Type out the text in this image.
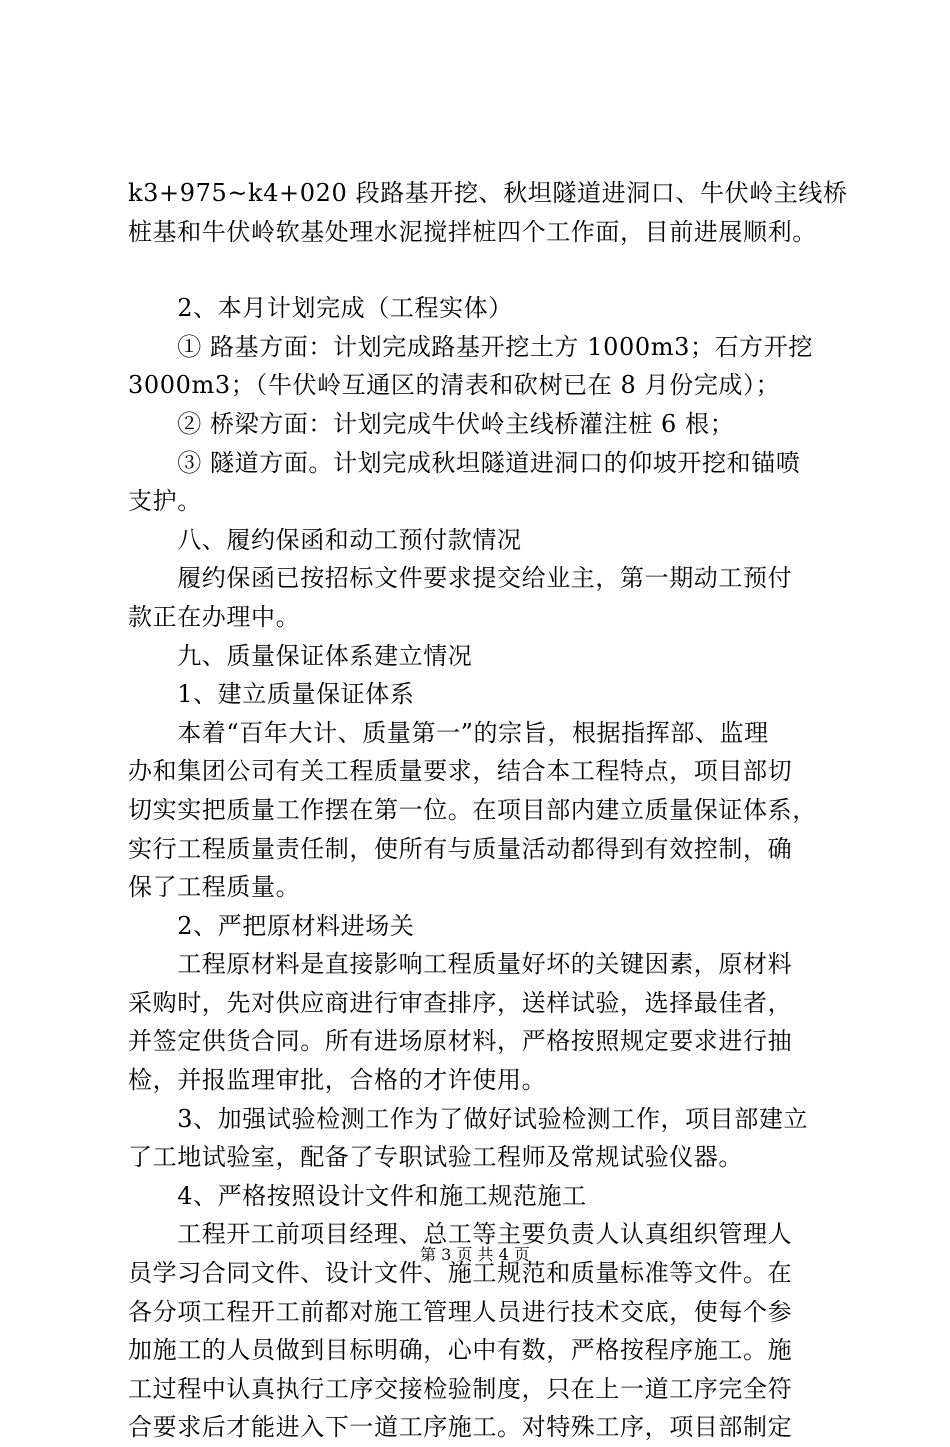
k3+975~k4+020 段路基开挖、秋坦隧道进洞口、牛伏岭主线桥
桩基和牛伏岭软基处理水泥搅拌桩四个工作面，目前进展顺利。
　　2、本月计划完成（工程实体）
　　① 路基方面：计划完成路基开挖土方 1000m3；石方开挖
3000m3；（牛伏岭互通区的清表和砍树已在 8 月份完成）；
　　② 桥梁方面：计划完成牛伏岭主线桥灌注桩 6 根；
　　③ 隧道方面。计划完成秋坦隧道进洞口的仰坡开挖和锚喷
支护。
　　八、履约保函和动工预付款情况
　　履约保函已按招标文件要求提交给业主，第一期动工预付
款正在办理中。
　　九、质量保证体系建立情况
　　1、建立质量保证体系
　　本着“百年大计、质量第一”的宗旨，根据指挥部、监理
办和集团公司有关工程质量要求，结合本工程特点，项目部切
切实实把质量工作摆在第一位。在项目部内建立质量保证体系，
实行工程质量责任制，使所有与质量活动都得到有效控制，确
保了工程质量。
　　2、严把原材料进场关
　　工程原材料是直接影响工程质量好坏的关键因素，原材料
采购时，先对供应商进行审查排序，送样试验，选择最佳者，
并签定供货合同。所有进场原材料，严格按照规定要求进行抽
检，并报监理审批，合格的才许使用。
　　3、加强试验检测工作为了做好试验检测工作，项目部建立
了工地试验室，配备了专职试验工程师及常规试验仪器。
　　4、严格按照设计文件和施工规范施工
　　工程开工前项目经理、总工等主要负责人认真组织管理人
员学习合同文件、设计文件、施工规范和质量标准等文件。在
各分项工程开工前都对施工管理人员进行技术交底，使每个参
加施工的人员做到目标明确，心中有数，严格按程序施工。施
工过程中认真执行工序交接检验制度，只在上一道工序完全符
合要求后才能进入下一道工序施工。对特殊工序，项目部制定
第 3 页 共 4 页
